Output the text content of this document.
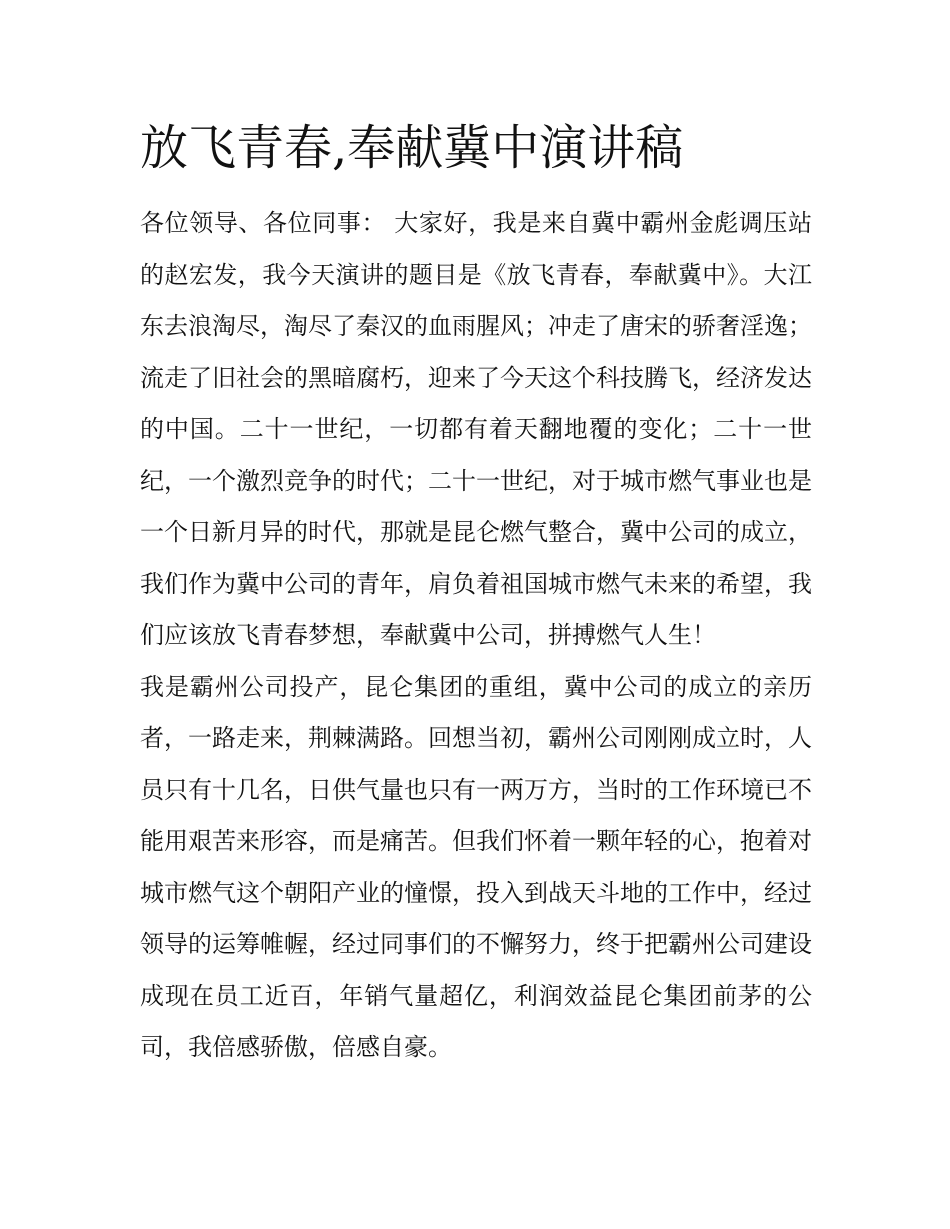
放飞青春,奉献冀中演讲稿

各位领导、各位同事： 大家好，我是来自冀中霸州金彪调压站的赵宏发，我今天演讲的题目是《放飞青春，奉献冀中》。大江东去浪淘尽，淘尽了秦汉的血雨腥风；冲走了唐宋的骄奢淫逸；流走了旧社会的黑暗腐朽，迎来了今天这个科技腾飞，经济发达的中国。二十一世纪，一切都有着天翻地覆的变化；二十一世纪，一个激烈竞争的时代；二十一世纪，对于城市燃气事业也是一个日新月异的时代，那就是昆仑燃气整合，冀中公司的成立，我们作为冀中公司的青年，肩负着祖国城市燃气未来的希望，我们应该放飞青春梦想，奉献冀中公司，拼搏燃气人生！

我是霸州公司投产，昆仑集团的重组，冀中公司的成立的亲历者，一路走来，荆棘满路。回想当初，霸州公司刚刚成立时，人员只有十几名，日供气量也只有一两万方，当时的工作环境已不能用艰苦来形容，而是痛苦。但我们怀着一颗年轻的心，抱着对城市燃气这个朝阳产业的憧憬，投入到战天斗地的工作中，经过领导的运筹帷幄，经过同事们的不懈努力，终于把霸州公司建设成现在员工近百，年销气量超亿，利润效益昆仑集团前茅的公司，我倍感骄傲，倍感自豪。
